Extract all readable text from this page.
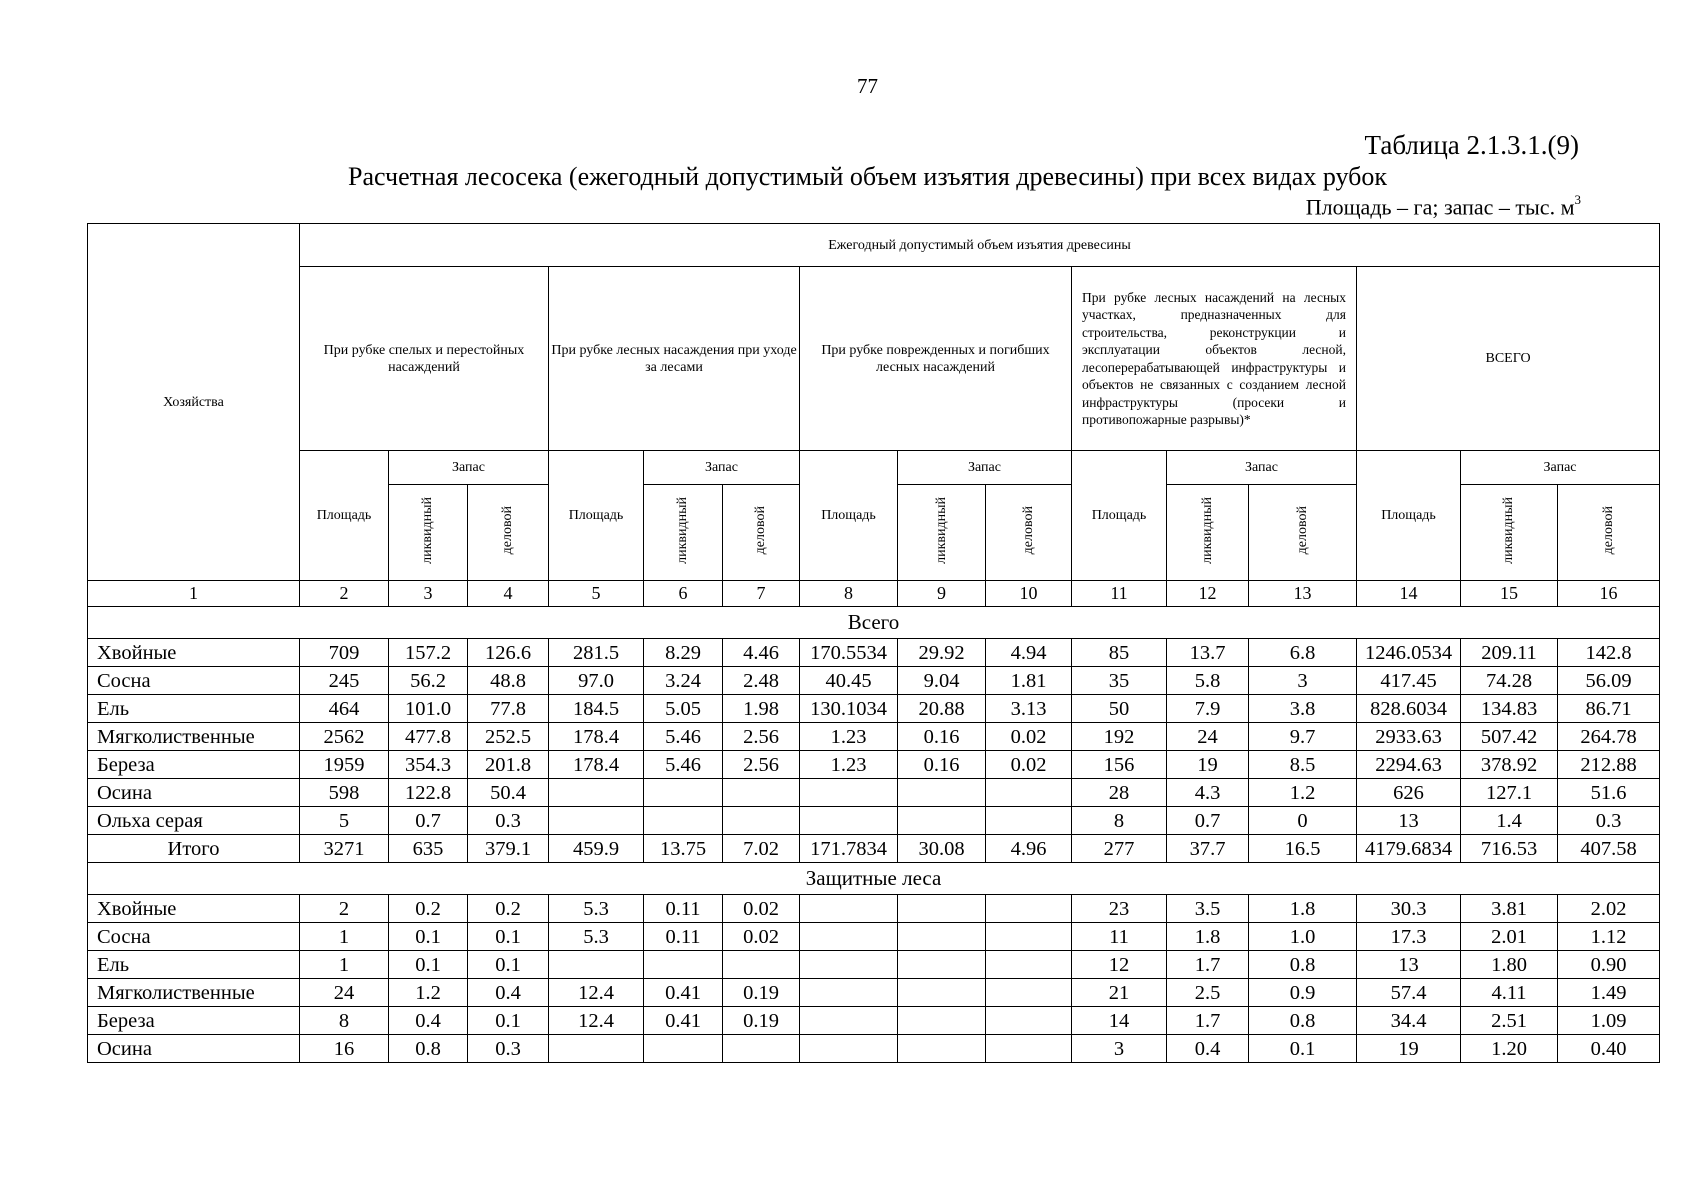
77
Таблица 2.1.3.1.(9)
Расчетная лесосека (ежегодный допустимый объем изъятия древесины) при всех видах рубок
Площадь – га; запас – тыс. $м^3$
Хозяйства	Ежегодный допустимый объем изъятия древесины														
	При рубке спелых и перестойных насаждений			При рубке лесных насаждения при уходе за лесами			При рубке поврежденных и погибших лесных насаждений			При рубке лесных насаждений на лесных участках, предназначенных для строительства, реконструкции и эксплуатации объектов лесной, лесоперерабатывающей инфраструктуры и объектов не связанных с созданием лесной инфраструктуры (просеки и противопожарные разрывы)*			ВСЕГО		
	Площадь	Запас		Площадь	Запас		Площадь	Запас		Площадь	Запас		Площадь	Запас	
		ликвидный	деловой		ликвидный	деловой		ликвидный	деловой		ликвидный	деловой		ликвидный	деловой
1	2	3	4	5	6	7	8	9	10	11	12	13	14	15	16
Всего															
Хвойные	709	157.2	126.6	281.5	8.29	4.46	170.5534	29.92	4.94	85	13.7	6.8	1246.0534	209.11	142.8
Сосна	245	56.2	48.8	97.0	3.24	2.48	40.45	9.04	1.81	35	5.8	3	417.45	74.28	56.09
Ель	464	101.0	77.8	184.5	5.05	1.98	130.1034	20.88	3.13	50	7.9	3.8	828.6034	134.83	86.71
Мягколиственные	2562	477.8	252.5	178.4	5.46	2.56	1.23	0.16	0.02	192	24	9.7	2933.63	507.42	264.78
Береза	1959	354.3	201.8	178.4	5.46	2.56	1.23	0.16	0.02	156	19	8.5	2294.63	378.92	212.88
Осина	598	122.8	50.4							28	4.3	1.2	626	127.1	51.6
Ольха серая	5	0.7	0.3							8	0.7	0	13	1.4	0.3
Итого	3271	635	379.1	459.9	13.75	7.02	171.7834	30.08	4.96	277	37.7	16.5	4179.6834	716.53	407.58
Защитные леса															
Хвойные	2	0.2	0.2	5.3	0.11	0.02				23	3.5	1.8	30.3	3.81	2.02
Сосна	1	0.1	0.1	5.3	0.11	0.02				11	1.8	1.0	17.3	2.01	1.12
Ель	1	0.1	0.1							12	1.7	0.8	13	1.80	0.90
Мягколиственные	24	1.2	0.4	12.4	0.41	0.19				21	2.5	0.9	57.4	4.11	1.49
Береза	8	0.4	0.1	12.4	0.41	0.19				14	1.7	0.8	34.4	2.51	1.09
Осина	16	0.8	0.3							3	0.4	0.1	19	1.20	0.40
